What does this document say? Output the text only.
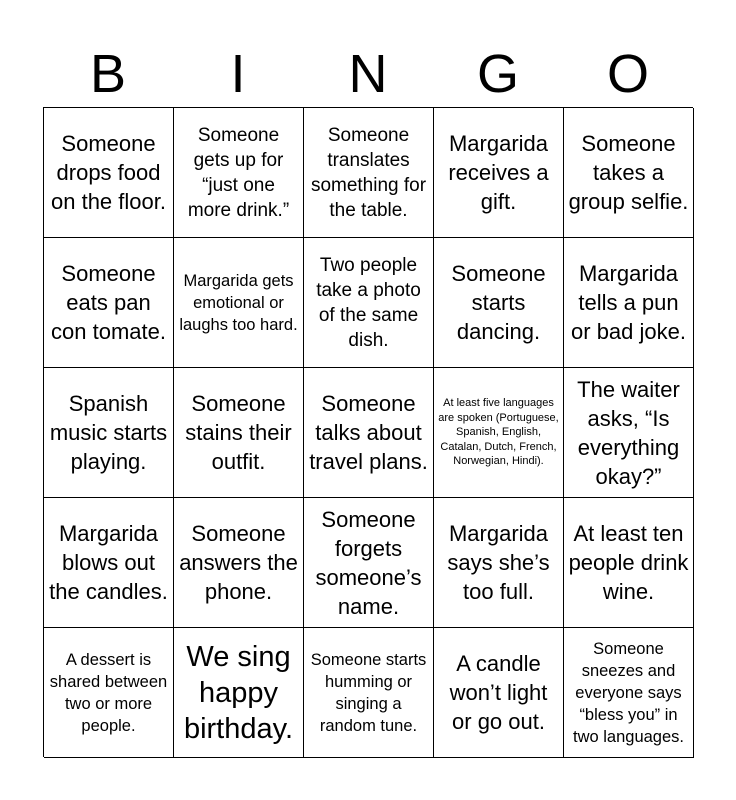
B	I	N	G	O
Someone drops food on the floor.
Someone gets up for “just one more drink.”
Someone translates something for the table.
Margarida receives a gift.
Someone takes a group selfie.
Someone eats pan con tomate.
Margarida gets emotional or laughs too hard.
Two people take a photo of the same dish.
Someone starts dancing.
Margarida tells a pun or bad joke.
Spanish music starts playing.
Someone stains their outfit.
Someone talks about travel plans.
At least five languages are spoken (Portuguese, Spanish, English, Catalan, Dutch, French, Norwegian, Hindi).
The waiter asks, “Is everything okay?”
Margarida blows out the candles.
Someone answers the phone.
Someone forgets someone’s name.
Margarida says she’s too full.
At least ten people drink wine.
A dessert is shared between two or more people.
We sing happy birthday.
Someone starts humming or singing a random tune.
A candle won’t light or go out.
Someone sneezes and everyone says “bless you” in two languages.
